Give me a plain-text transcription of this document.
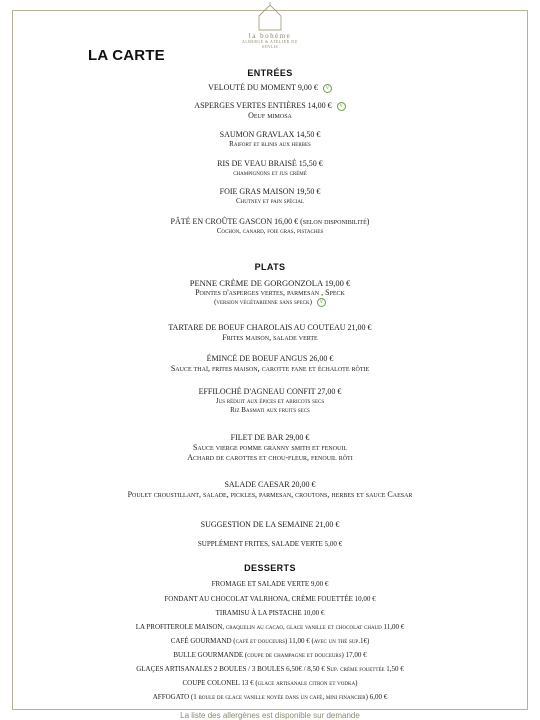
la bohème
ALBERGE & ATELIER DU
SENLIS
LA CARTE
ENTRÉES
VELOUTÉ DU MOMENT 9,00 € v
ASPERGES VERTES ENTIÈRES 14,00 € v
Oeuf mimosa
SAUMON GRAVLAX 14,50 €
Raifort et blinis aux herbes
RIS DE VEAU BRAISÉ 15,50 €
champignons et jus crémé
FOIE GRAS MAISON 19,50 €
Chutney et pain spécial
PÂTÉ EN CROÛTE GASCON 16,00 € (selon disponibilité)
Cochon, canard, foie gras, pistaches
PLATS
PENNE CRÈME DE GORGONZOLA 19,00 €
Pointes d'asperges vertes, parmesan , Speck
(version végétarienne sans speck) v
TARTARE DE BOEUF CHAROLAIS AU COUTEAU 21,00 €
Frites maison, salade verte
ÉMINCÉ DE BOEUF ANGUS 26,00 €
Sauce thaï, frites maison, carotte fane et échalote rôtie
EFFILOCHÉ D'AGNEAU CONFIT 27,00 €
Jus réduit aux épices et abricots secs
Riz Basmati aux fruits secs
FILET DE BAR 29,00 €
Sauce vierge pomme granny smith et fenouil
Achard de carottes et chou-fleur, fenouil rôti
SALADE CAESAR 20,00 €
Poulet croustillant, salade, pickles, parmesan, croutons, herbes et sauce Caesar
SUGGESTION DE LA SEMAINE 21,00 €
SUPPLÉMENT FRITES, SALADE VERTE 5,00 €
DESSERTS
FROMAGE ET SALADE VERTE 9,00 €
FONDANT AU CHOCOLAT VALRHONA, CRÈME FOUETTÉE 10,00 €
TIRAMISU À LA PISTACHE 10,00 €
LA PROFITEROLE MAISON, craquelin au cacao, glace vanille et chocolat chaud 11,00 €
CAFÉ GOURMAND (café et douceurs) 11,00 € (avec un thé sup.1€)
BULLE GOURMANDE (coupe de champagne et douceurs) 17,00 €
GLAÇES ARTISANALES 2 BOULES / 3 BOULES 6,50€ / 8,50 € Sup. crème fouettée 1,50 €
COUPE COLONEL 13 € (glace artisanale citron et vodka)
AFFOGATO (1 boule de glace vanille noyée dans un café, mini financier) 6,00 €
La liste des allergènes est disponible sur demande
